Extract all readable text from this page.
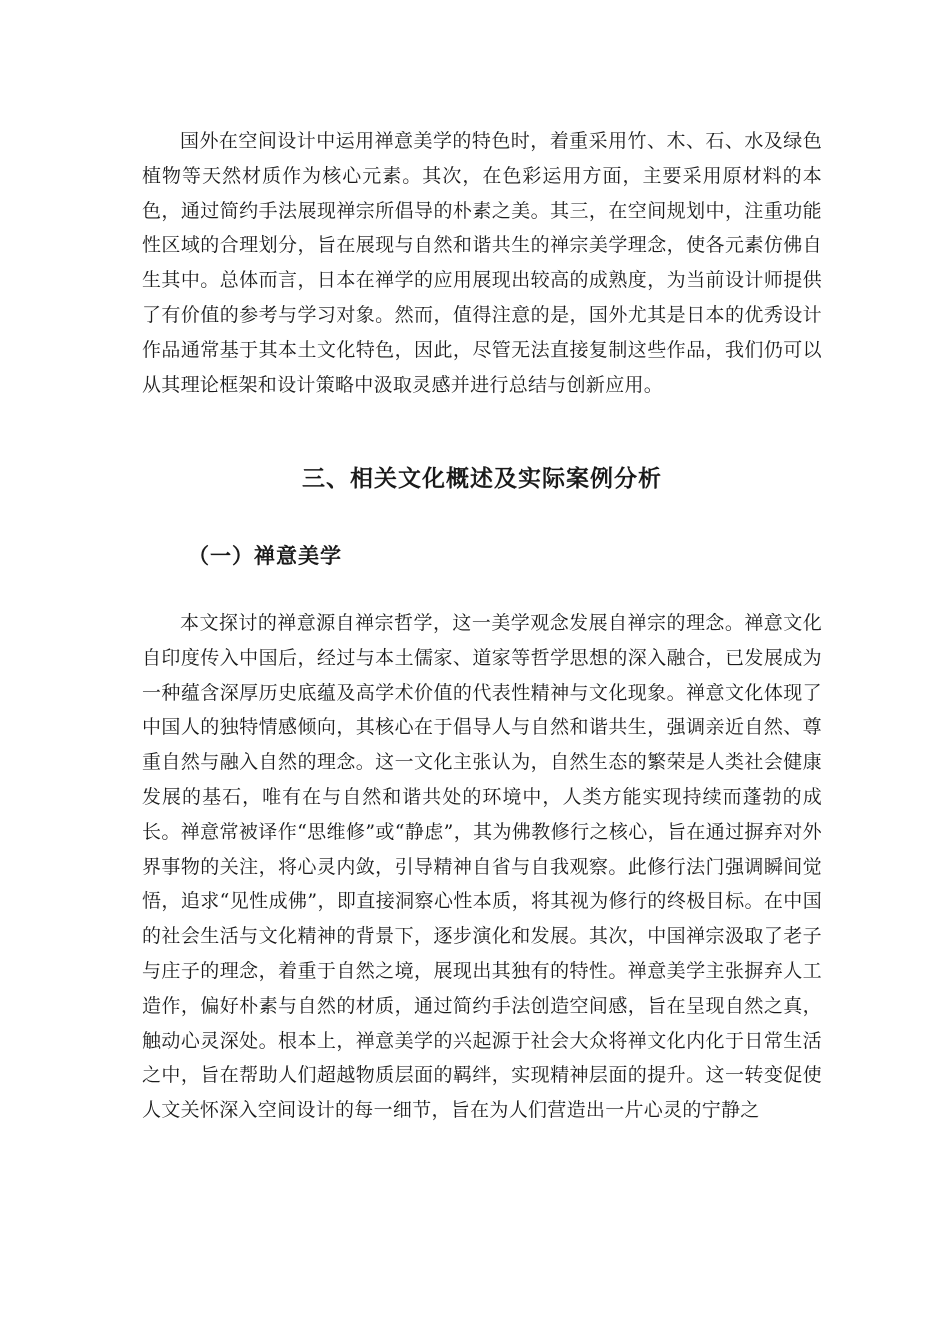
国外在空间设计中运用禅意美学的特色时，着重采用竹、木、石、水及绿色植物等天然材质作为核心元素。其次，在色彩运用方面，主要采用原材料的本色，通过简约手法展现禅宗所倡导的朴素之美。其三，在空间规划中，注重功能性区域的合理划分，旨在展现与自然和谐共生的禅宗美学理念，使各元素仿佛自生其中。总体而言，日本在禅学的应用展现出较高的成熟度，为当前设计师提供了有价值的参考与学习对象。然而，值得注意的是，国外尤其是日本的优秀设计作品通常基于其本土文化特色，因此，尽管无法直接复制这些作品，我们仍可以从其理论框架和设计策略中汲取灵感并进行总结与创新应用。

三、相关文化概述及实际案例分析
（一）禅意美学

本文探讨的禅意源自禅宗哲学，这一美学观念发展自禅宗的理念。禅意文化自印度传入中国后，经过与本土儒家、道家等哲学思想的深入融合，已发展成为一种蕴含深厚历史底蕴及高学术价值的代表性精神与文化现象。禅意文化体现了中国人的独特情感倾向，其核心在于倡导人与自然和谐共生，强调亲近自然、尊重自然与融入自然的理念。这一文化主张认为，自然生态的繁荣是人类社会健康发展的基石，唯有在与自然和谐共处的环境中，人类方能实现持续而蓬勃的成长。禅意常被译作“思维修”或“静虑”，其为佛教修行之核心，旨在通过摒弃对外界事物的关注，将心灵内敛，引导精神自省与自我观察。此修行法门强调瞬间觉悟，追求“见性成佛”，即直接洞察心性本质，将其视为修行的终极目标。在中国的社会生活与文化精神的背景下，逐步演化和发展。其次，中国禅宗汲取了老子与庄子的理念，着重于自然之境，展现出其独有的特性。禅意美学主张摒弃人工造作，偏好朴素与自然的材质，通过简约手法创造空间感，旨在呈现自然之真，触动心灵深处。根本上，禅意美学的兴起源于社会大众将禅文化内化于日常生活之中，旨在帮助人们超越物质层面的羁绊，实现精神层面的提升。这一转变促使人文关怀深入空间设计的每一细节，旨在为人们营造出一片心灵的宁静之
